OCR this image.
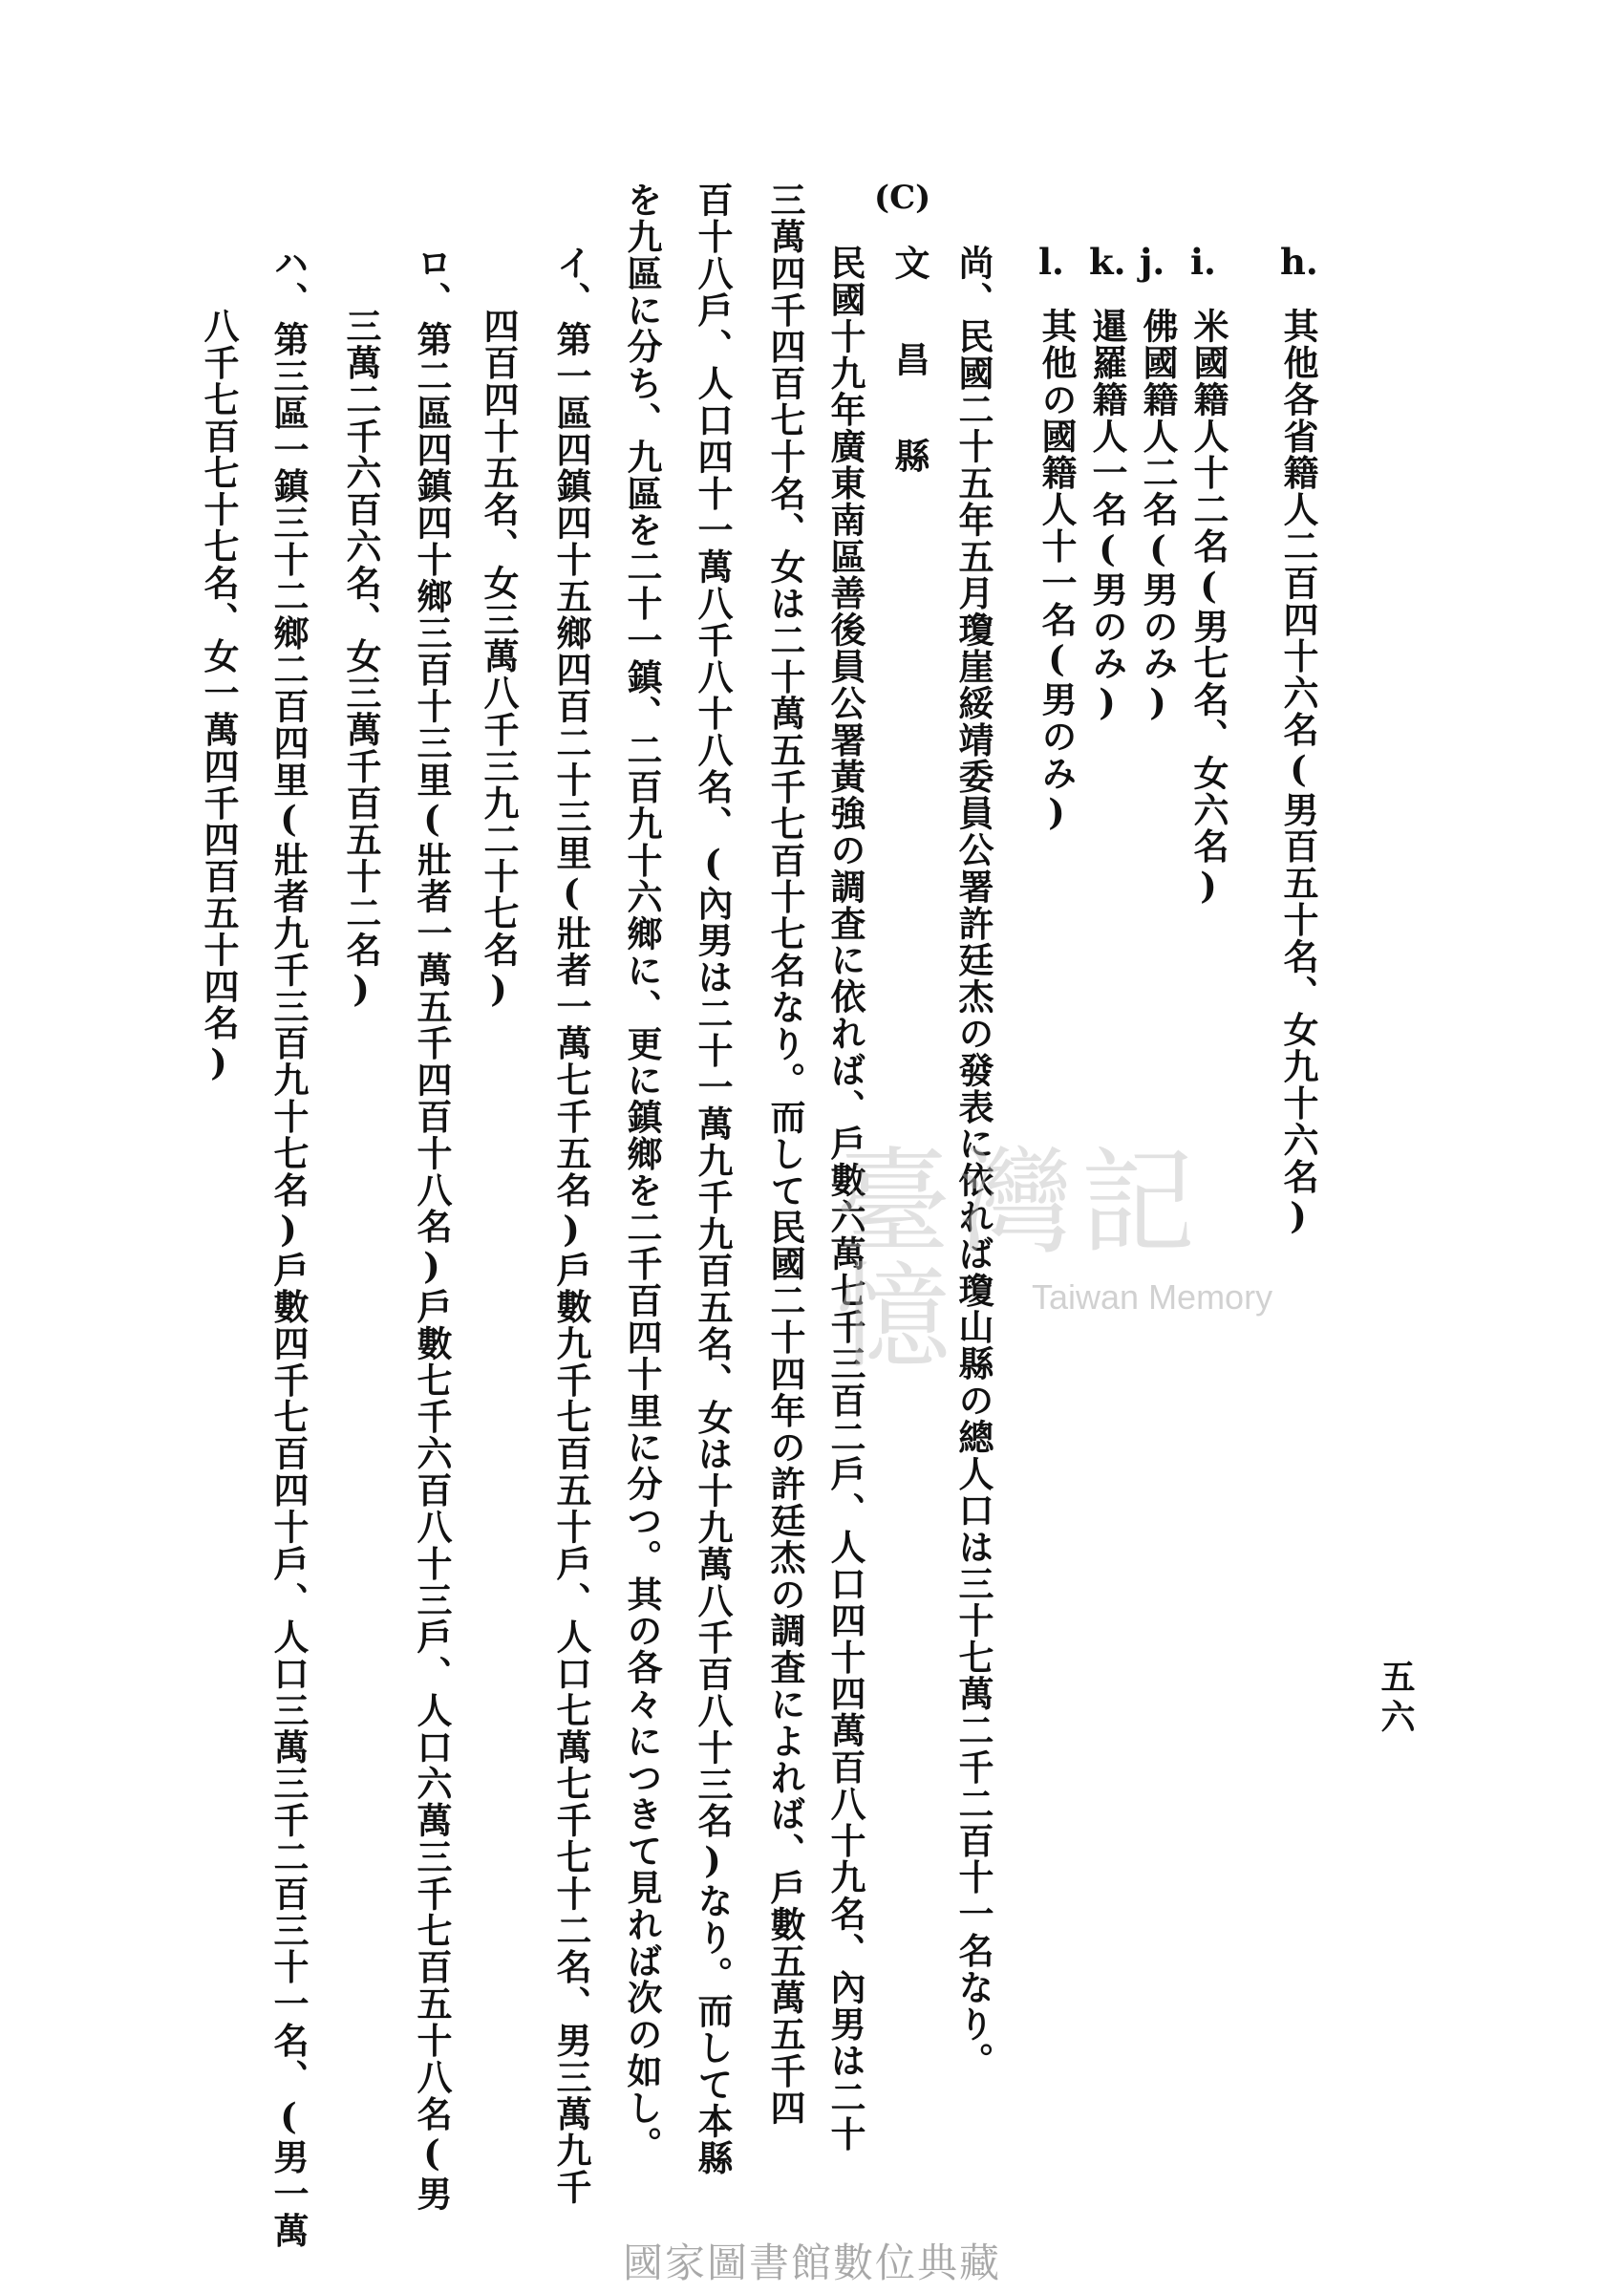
五六
h.
其他各省籍人二百四十六名(男百五十名、女九十六名)
i.
米國籍人十二名(男七名、女六名)
j.
佛國籍人二名(男のみ)
k.
暹羅籍人一名(男のみ)
l.
其他の國籍人十一名(男のみ)
尚、民國二十五年五月瓊崖綏靖委員公署許廷杰の發表に依れば瓊山縣の總人口は三十七萬二千二百十一名なり。
(C)
文 昌 縣
民國十九年廣東南區善後員公署黃強の調査に依れば、戶數六萬七千三百二戶、人口四十四萬百八十九名、內男は二十
三萬四千四百七十名、女は二十萬五千七百十七名なり。而して民國二十四年の許廷杰の調査によれば、戶數五萬五千四
百十八戶、人口四十一萬八千八十八名、(內男は二十一萬九千九百五名、女は十九萬八千百八十三名)なり。而して本縣
を九區に分ち、九區を二十一鎮、二百九十六鄉に、更に鎮鄉を二千百四十里に分つ。其の各々につきて見れば次の如し。
イ、
第一區四鎮四十五鄉四百二十三里(壯者一萬七千五名)戶數九千七百五十戶、人口七萬七千七十二名、男三萬九千
四百四十五名、女三萬八千三九二十七名)
ロ、
第二區四鎮四十鄉三百十三里(壯者一萬五千四百十八名)戶數七千六百八十三戶、人口六萬三千七百五十八名(男
三萬二千六百六名、女三萬千百五十二名)
ハ、
第三區一鎮三十二鄉二百四里(壯者九千三百九十七名)戶數四千七百四十戶、人口三萬三千二百三十一名、(男一萬
八千七百七十七名、女一萬四千四百五十四名)
臺灣記憶	Taiwan Memory
國家圖書館數位典藏
